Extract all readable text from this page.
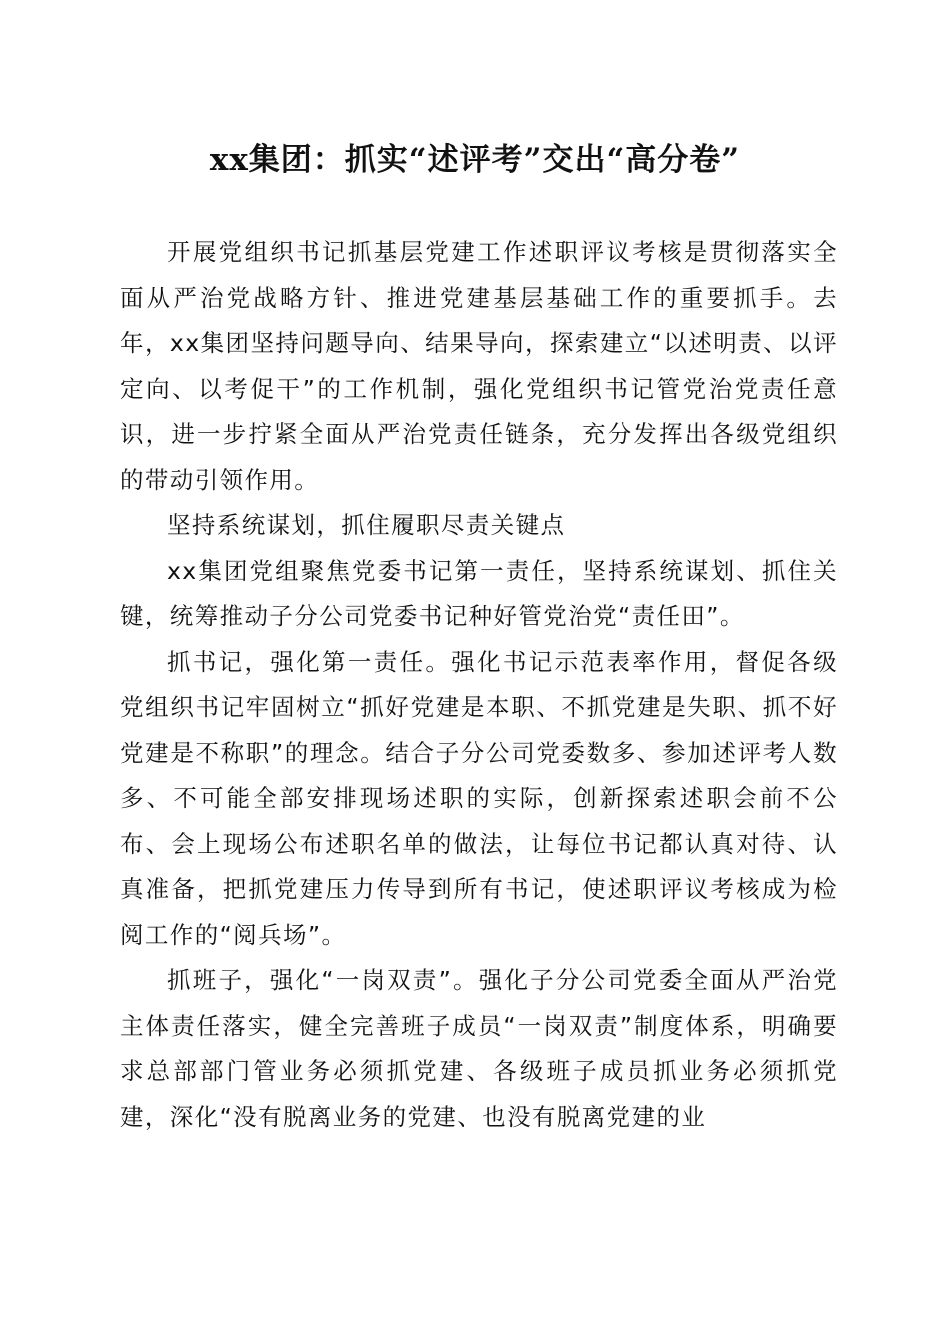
xx集团：抓实“述评考”交出“高分卷”

开展党组织书记抓基层党建工作述职评议考核是贯彻落实全面从严治党战略方针、推进党建基层基础工作的重要抓手。去年，xx集团坚持问题导向、结果导向，探索建立“以述明责、以评定向、以考促干”的工作机制，强化党组织书记管党治党责任意识，进一步拧紧全面从严治党责任链条，充分发挥出各级党组织的带动引领作用。

坚持系统谋划，抓住履职尽责关键点

xx集团党组聚焦党委书记第一责任，坚持系统谋划、抓住关键，统筹推动子分公司党委书记种好管党治党“责任田”。

抓书记，强化第一责任。强化书记示范表率作用，督促各级党组织书记牢固树立“抓好党建是本职、不抓党建是失职、抓不好党建是不称职”的理念。结合子分公司党委数多、参加述评考人数多、不可能全部安排现场述职的实际，创新探索述职会前不公布、会上现场公布述职名单的做法，让每位书记都认真对待、认真准备，把抓党建压力传导到所有书记，使述职评议考核成为检阅工作的“阅兵场”。

抓班子，强化“一岗双责”。强化子分公司党委全面从严治党主体责任落实，健全完善班子成员“一岗双责”制度体系，明确要求总部部门管业务必须抓党建、各级班子成员抓业务必须抓党建，深化“没有脱离业务的党建、也没有脱离党建的业
